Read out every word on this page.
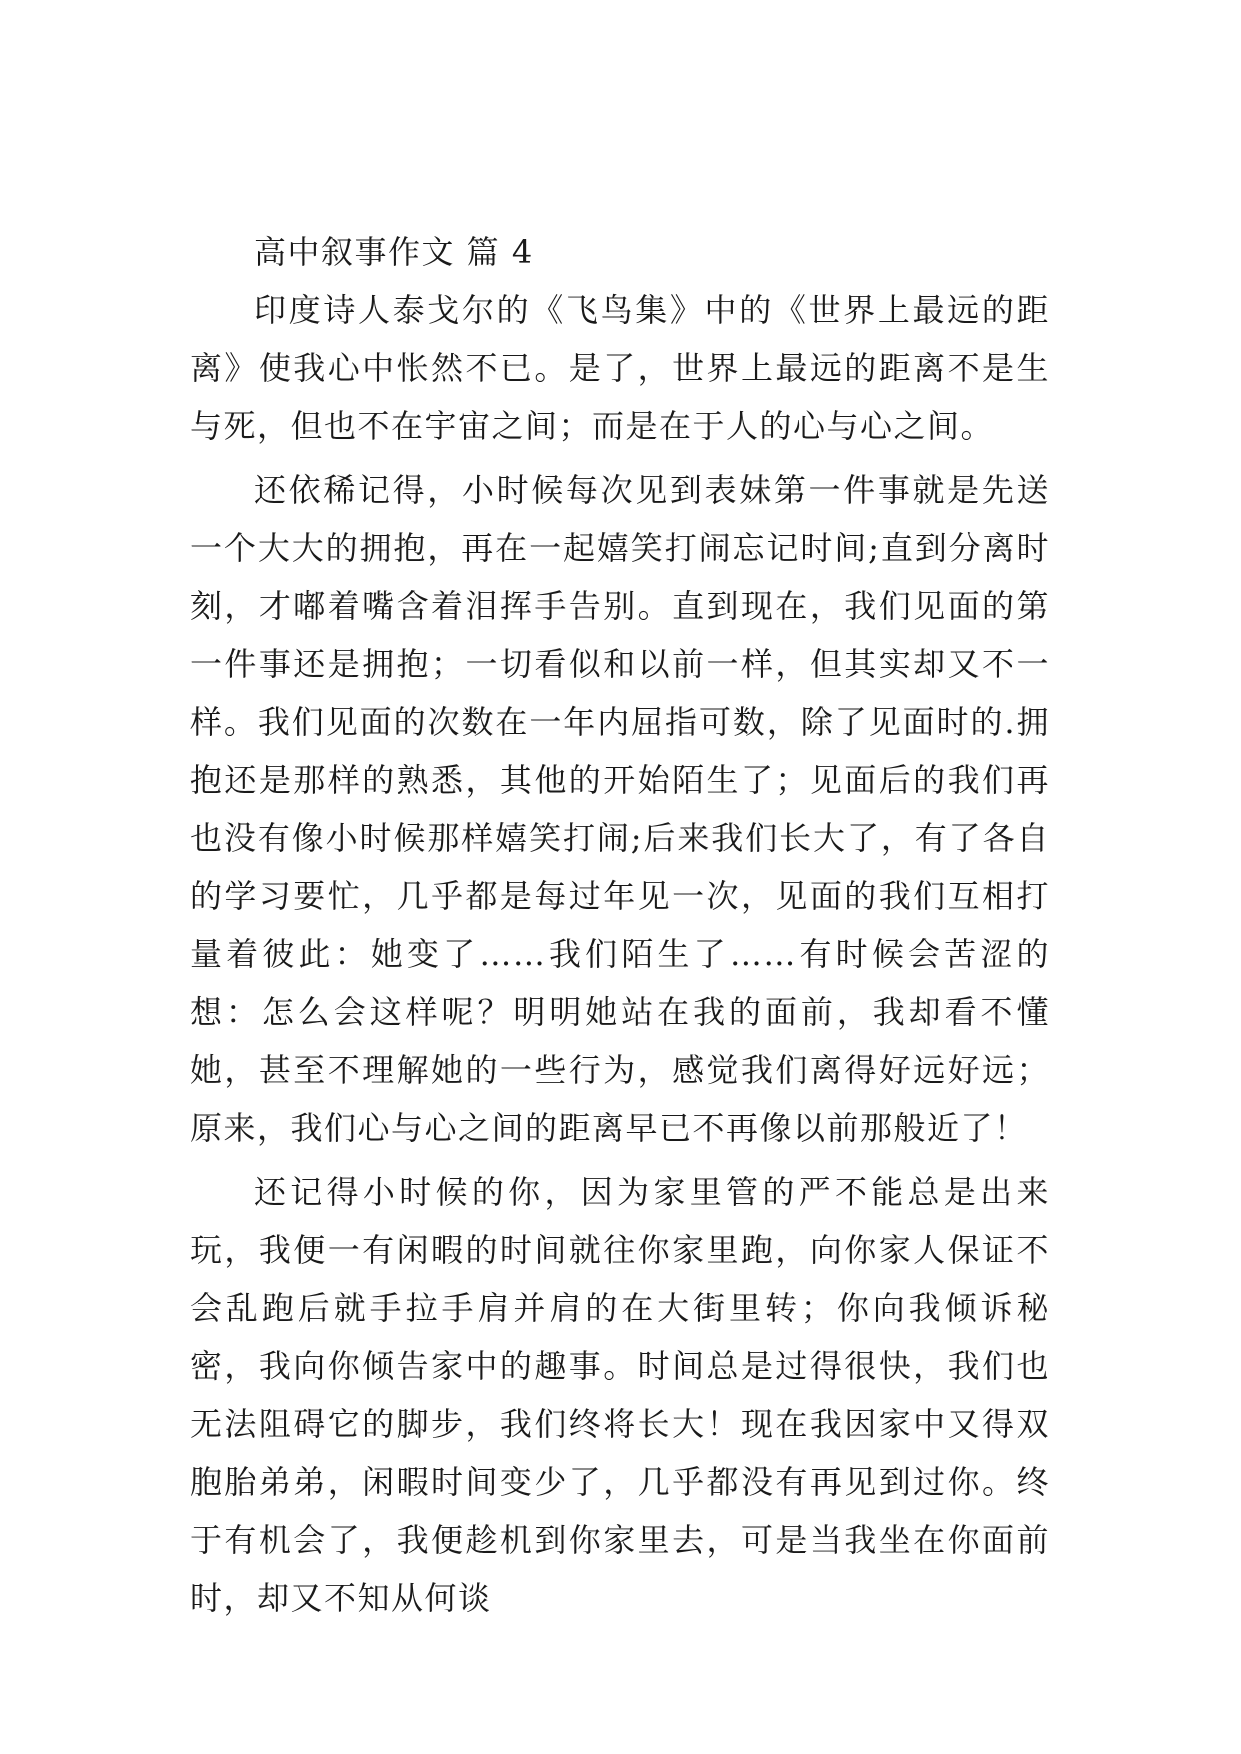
高中叙事作文 篇 4

印度诗人泰戈尔的《飞鸟集》中的《世界上最远的距离》使我心中怅然不已。是了，世界上最远的距离不是生与死，但也不在宇宙之间；而是在于人的心与心之间。

还依稀记得，小时候每次见到表妹第一件事就是先送一个大大的拥抱，再在一起嬉笑打闹忘记时间;直到分离时刻，才嘟着嘴含着泪挥手告别。直到现在，我们见面的第一件事还是拥抱；一切看似和以前一样，但其实却又不一样。我们见面的次数在一年内屈指可数，除了见面时的.拥抱还是那样的熟悉，其他的开始陌生了；见面后的我们再也没有像小时候那样嬉笑打闹;后来我们长大了，有了各自的学习要忙，几乎都是每过年见一次，见面的我们互相打量着彼此：她变了……我们陌生了……有时候会苦涩的想：怎么会这样呢？明明她站在我的面前，我却看不懂她，甚至不理解她的一些行为，感觉我们离得好远好远；原来，我们心与心之间的距离早已不再像以前那般近了！

还记得小时候的你，因为家里管的严不能总是出来玩，我便一有闲暇的时间就往你家里跑，向你家人保证不会乱跑后就手拉手肩并肩的在大街里转；你向我倾诉秘密，我向你倾告家中的趣事。时间总是过得很快，我们也无法阻碍它的脚步，我们终将长大！现在我因家中又得双胞胎弟弟，闲暇时间变少了，几乎都没有再见到过你。终于有机会了，我便趁机到你家里去，可是当我坐在你面前时，却又不知从何谈
